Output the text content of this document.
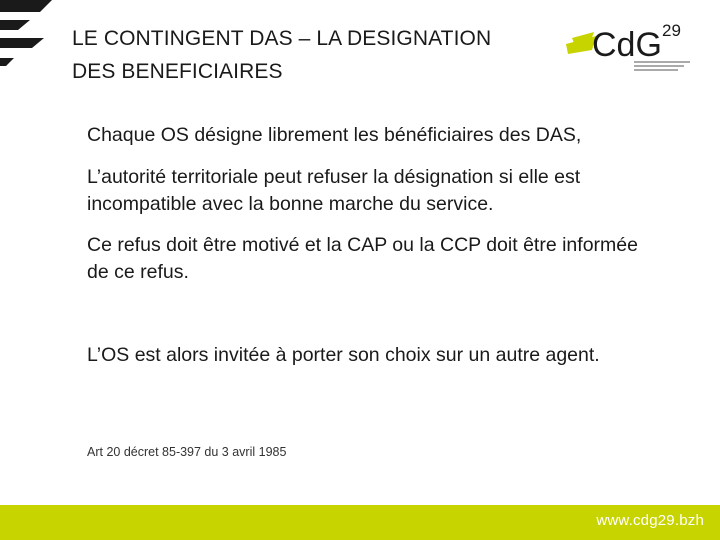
LE CONTINGENT DAS – LA DESIGNATION
DES BENEFICIAIRES
CdG 29

Chaque OS désigne librement les bénéficiaires des DAS,

L’autorité territoriale peut refuser la désignation si elle est incompatible avec la bonne marche du service.

Ce refus doit être motivé et la CAP ou la CCP doit être informée de ce refus.

L’OS est alors invitée à porter son choix sur un autre agent.

Art 20 décret 85-397 du 3 avril 1985
www.cdg29.bzh
